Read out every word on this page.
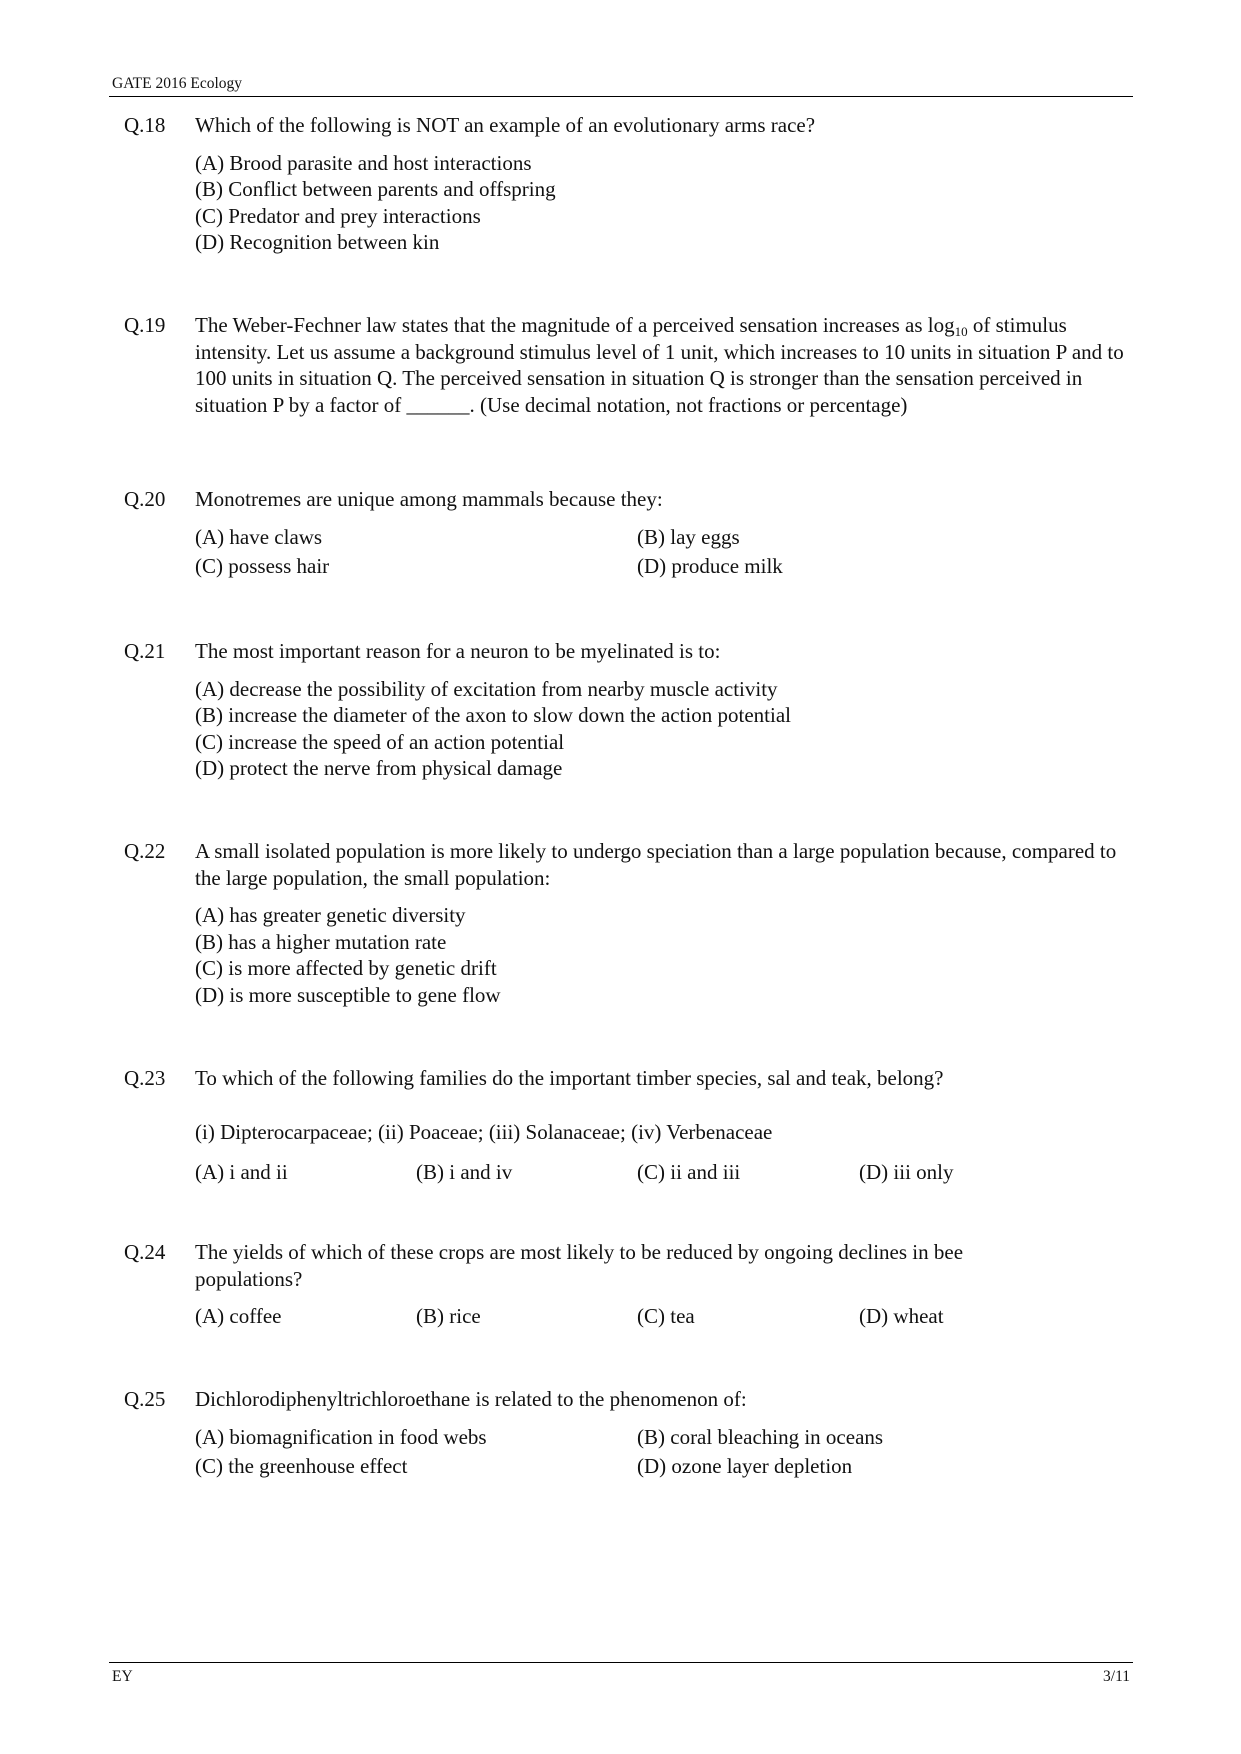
GATE 2016 Ecology
Q.18 Which of the following is NOT an example of an evolutionary arms race?
(A) Brood parasite and host interactions
(B) Conflict between parents and offspring
(C) Predator and prey interactions
(D) Recognition between kin
Q.19 The Weber-Fechner law states that the magnitude of a perceived sensation increases as $\log_{10}$ of stimulus intensity. Let us assume a background stimulus level of 1 unit, which increases to 10 units in situation P and to 100 units in situation Q. The perceived sensation in situation Q is stronger than the sensation perceived in situation P by a factor of ______. (Use decimal notation, not fractions or percentage)
Q.20 Monotremes are unique among mammals because they:
(A) have claws	(B) lay eggs
(C) possess hair	(D) produce milk
Q.21 The most important reason for a neuron to be myelinated is to:
(A) decrease the possibility of excitation from nearby muscle activity
(B) increase the diameter of the axon to slow down the action potential
(C) increase the speed of an action potential
(D) protect the nerve from physical damage
Q.22 A small isolated population is more likely to undergo speciation than a large population because, compared to the large population, the small population:
(A) has greater genetic diversity
(B) has a higher mutation rate
(C) is more affected by genetic drift
(D) is more susceptible to gene flow
Q.23 To which of the following families do the important timber species, sal and teak, belong?
(i) Dipterocarpaceae; (ii) Poaceae; (iii) Solanaceae; (iv) Verbenaceae
(A) i and ii	(B) i and iv	(C) ii and iii	(D) iii only
Q.24 The yields of which of these crops are most likely to be reduced by ongoing declines in bee populations?
(A) coffee	(B) rice	(C) tea	(D) wheat
Q.25 Dichlorodiphenyltrichloroethane is related to the phenomenon of:
(A) biomagnification in food webs	(B) coral bleaching in oceans
(C) the greenhouse effect	(D) ozone layer depletion
EY	3/11
